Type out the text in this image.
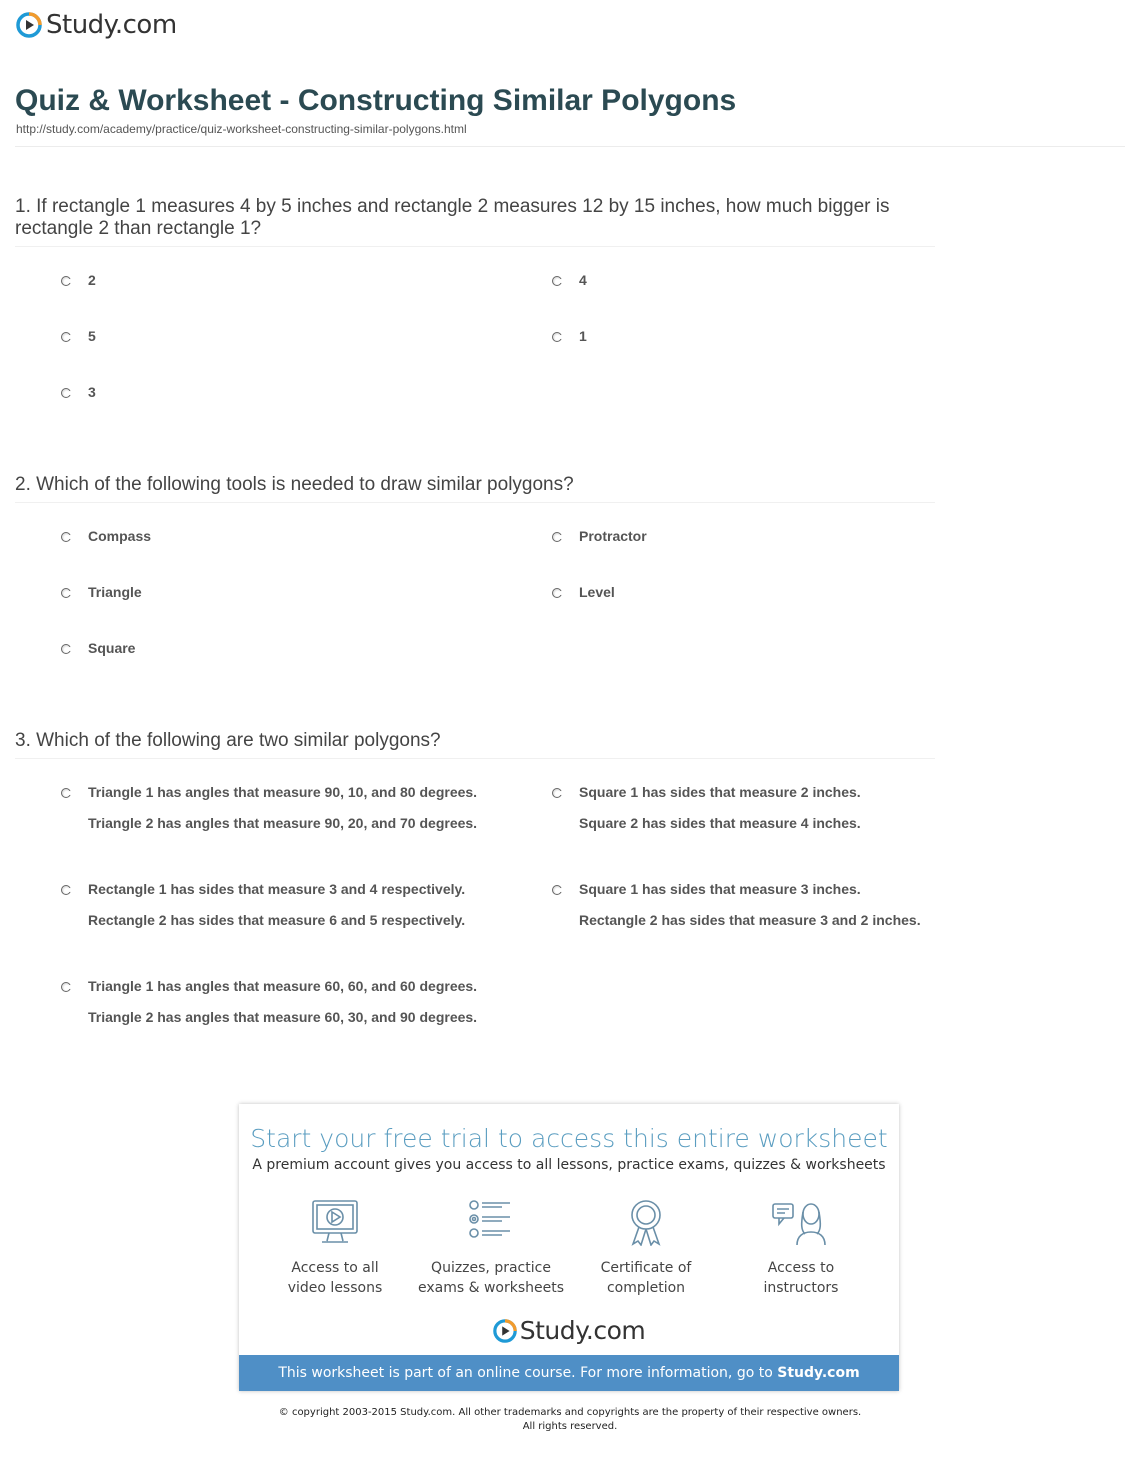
Study.com
Quiz & Worksheet - Constructing Similar Polygons
http://study.com/academy/practice/quiz-worksheet-constructing-similar-polygons.html
1. If rectangle 1 measures 4 by 5 inches and rectangle 2 measures 12 by 15 inches, how much bigger is rectangle 2 than rectangle 1?
2	4
5	1
3
2. Which of the following tools is needed to draw similar polygons?
Compass	Protractor
Triangle	Level
Square
3. Which of the following are two similar polygons?
Triangle 1 has angles that measure 90, 10, and 80 degrees.
Triangle 2 has angles that measure 90, 20, and 70 degrees.
Square 1 has sides that measure 2 inches.
Square 2 has sides that measure 4 inches.
Rectangle 1 has sides that measure 3 and 4 respectively.
Rectangle 2 has sides that measure 6 and 5 respectively.
Square 1 has sides that measure 3 inches.
Rectangle 2 has sides that measure 3 and 2 inches.
Triangle 1 has angles that measure 60, 60, and 60 degrees.
Triangle 2 has angles that measure 60, 30, and 90 degrees.
Start your free trial to access this entire worksheet
A premium account gives you access to all lessons, practice exams, quizzes & worksheets
Access to all
video lessons
Quizzes, practice
exams & worksheets
Certificate of
completion
Access to
instructors
Study.com
This worksheet is part of an online course. For more information, go to Study.com
© copyright 2003-2015 Study.com. All other trademarks and copyrights are the property of their respective owners.
All rights reserved.
